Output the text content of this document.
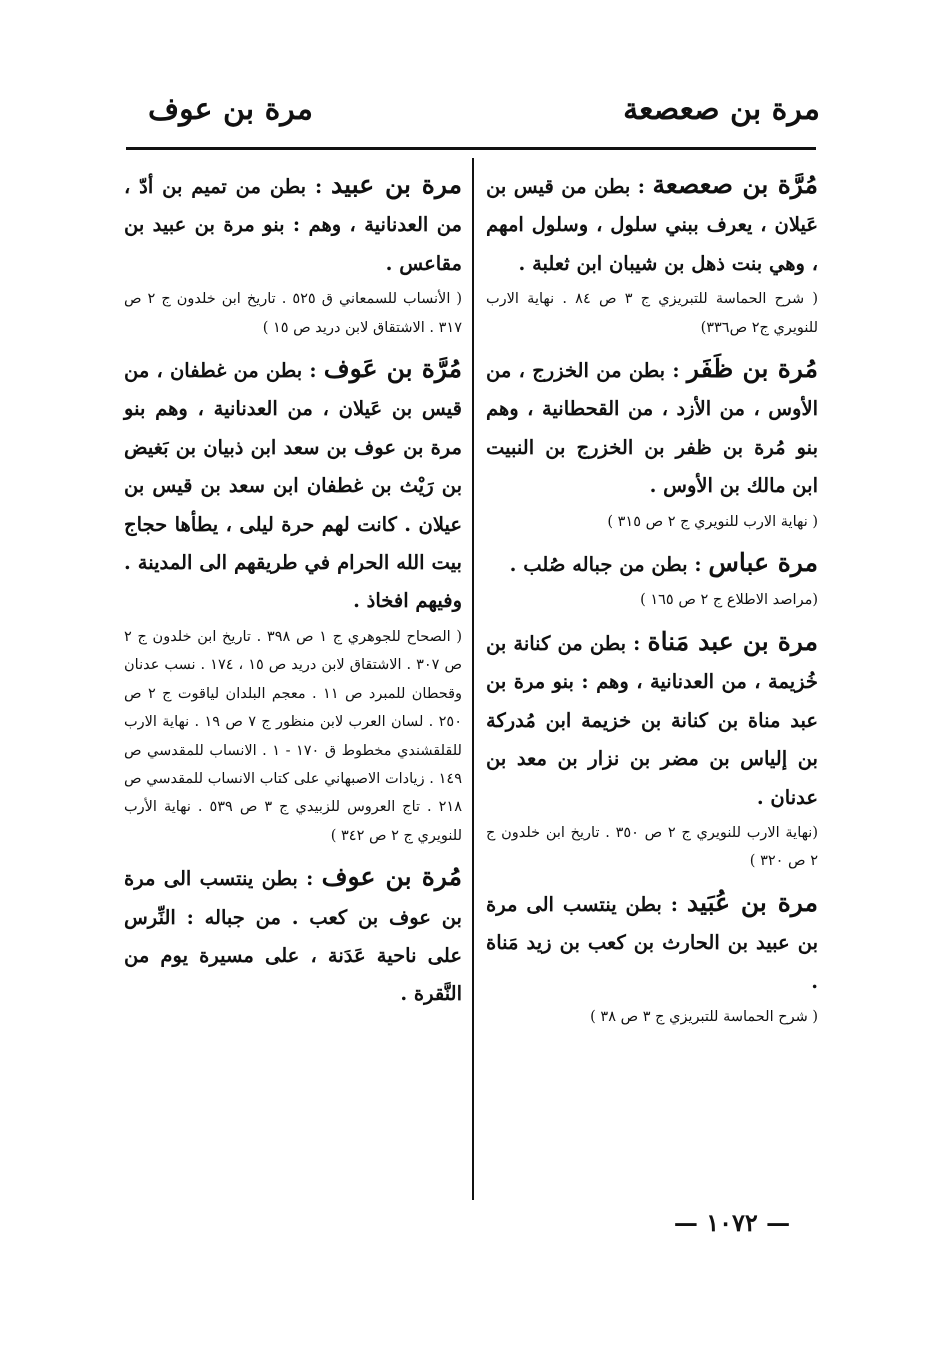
مرة بن صعصعة
مرة بن عوف
مُرَّة بن صعصعة : بطن من قيس بن عَيلان ، يعرف ببني سلول ، وسلول امهم ، وهي بنت ذهل بن شيبان ابن ثعلبة .
( شرح الحماسة للتبريزي ج ٣ ص ٨٤ . نهاية الارب للنويري ج٢ ص٣٣٦)
مُرة بن ظَفَر : بطن من الخزرج ، من الأوس ، من الأزد ، من القحطانية ، وهم بنو مُرة بن ظفر بن الخزرج بن النبيت ابن مالك بن الأوس .
( نهاية الارب للنويري ج ٢ ص ٣١٥ )
مرة عباس : بطن من جباله صُلب .
(مراصد الاطلاع ج ٢ ص ١٦٥ )
مرة بن عبد مَناة : بطن من كنانة بن خُزيمة ، من العدنانية ، وهم : بنو مرة بن عبد مناة بن كنانة بن خزيمة ابن مُدركة بن إلياس بن مضر بن نزار بن معد بن عدنان .
(نهاية الارب للنويري ج ٢ ص ٣٥٠ . تاريخ ابن خلدون ج ٢ ص ٣٢٠ )
مرة بن عُبَيد : بطن ينتسب الى مرة بن عبيد بن الحارث بن كعب بن زيد مَناة .
( شرح الحماسة للتبريزي ج ٣ ص ٣٨ )
مرة بن عبيد : بطن من تميم بن أدّ ، من العدنانية ، وهم : بنو مرة بن عبيد بن مقاعس .
( الأنساب للسمعاني ق ٥٢٥ . تاريخ ابن خلدون ج ٢ ص ٣١٧ . الاشتقاق لابن دريد ص ١٥ )
مُرَّة بن عَوف : بطن من غطفان ، من قيس بن عَيلان ، من العدنانية ، وهم بنو مرة بن عوف بن سعد ابن ذبيان بن بَغيض بن رَيْث بن غطفان ابن سعد بن قيس بن عيلان . كانت لهم حرة ليلى ، يطأها حجاج بيت الله الحرام في طريقهم الى المدينة . وفيهم افخاذ .
( الصحاح للجوهري ج ١ ص ٣٩٨ . تاريخ ابن خلدون ج ٢ ص ٣٠٧ . الاشتقاق لابن دريد ص ١٥ ، ١٧٤ . نسب عدنان وقحطان للمبرد ص ١١ . معجم البلدان لياقوت ج ٢ ص ٢٥٠ . لسان العرب لابن منظور ج ٧ ص ١٩ . نهاية الارب للقلقشندي مخطوط ق ١٧٠ - ١ . الانساب للمقدسي ص ١٤٩ . زيادات الاصبهاني على كتاب الانساب للمقدسي ص ٢١٨ . تاج العروس للزبيدي ج ٣ ص ٥٣٩ . نهاية الأرب للنويري ج ٢ ص ٣٤٢ )
مُرة بن عوف : بطن ينتسب الى مرة بن عوف بن كعب . من جباله : النِّرس على ناحية عَدَنة ، على مسيرة يوم من النَّقرة .
— ١٠٧٢ —
